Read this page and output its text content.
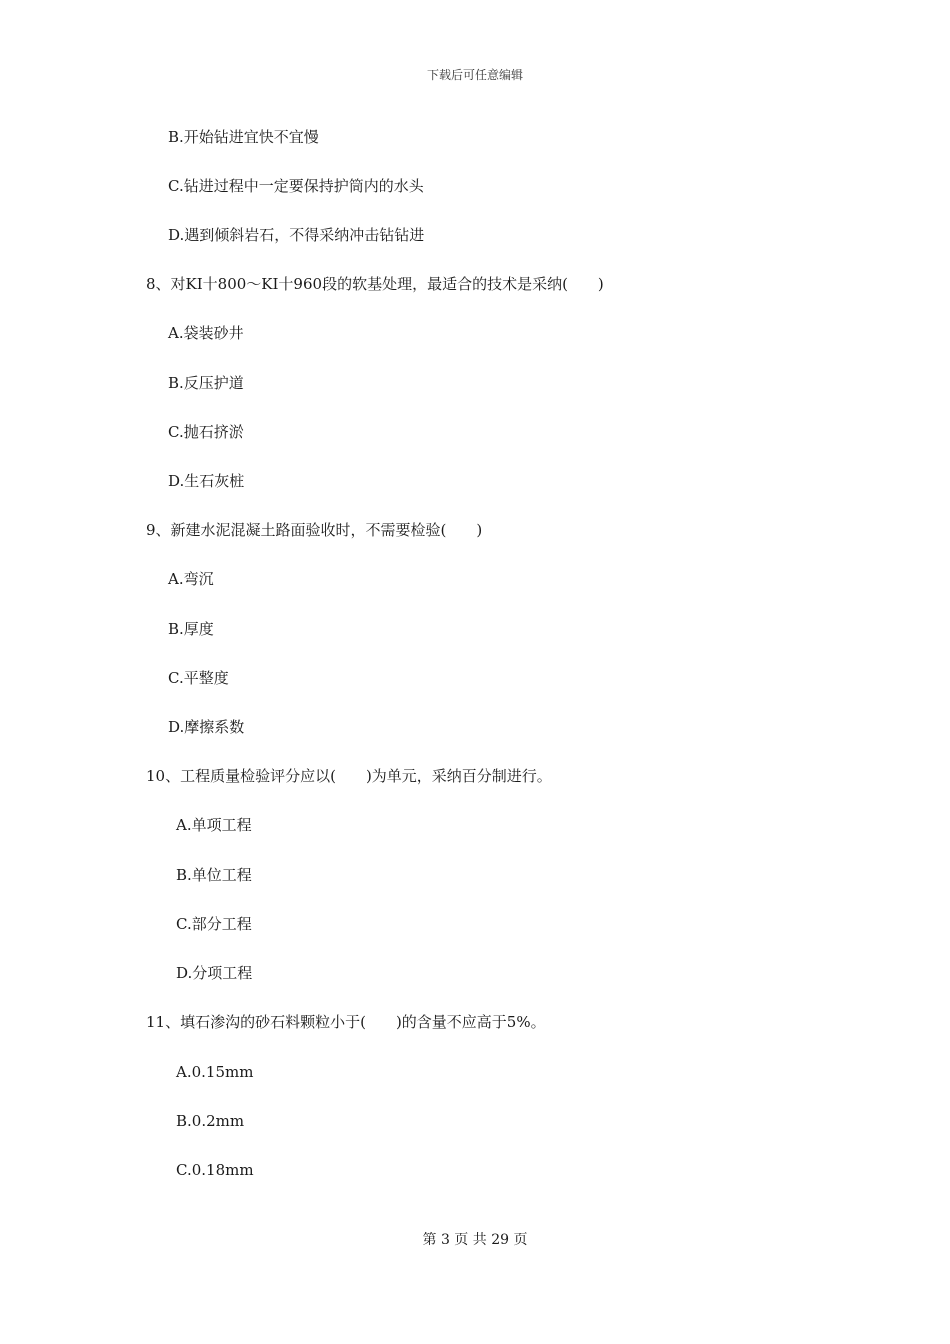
下载后可任意编辑
B.开始钻进宜快不宜慢
C.钻进过程中一定要保持护筒内的水头
D.遇到倾斜岩石，不得采纳冲击钻钻进
8、对KI十800～KI十960段的软基处理，最适合的技术是采纳(　　)
A.袋装砂井
B.反压护道
C.抛石挤淤
D.生石灰桩
9、新建水泥混凝土路面验收时，不需要检验(　　)
A.弯沉
B.厚度
C.平整度
D.摩擦系数
10、工程质量检验评分应以(　　)为单元，采纳百分制进行。
A.单项工程
B.单位工程
C.部分工程
D.分项工程
11、填石渗沟的砂石料颗粒小于(　　)的含量不应高于5%。
A.0.15mm
B.0.2mm
C.0.18mm
第 3 页 共 29 页
